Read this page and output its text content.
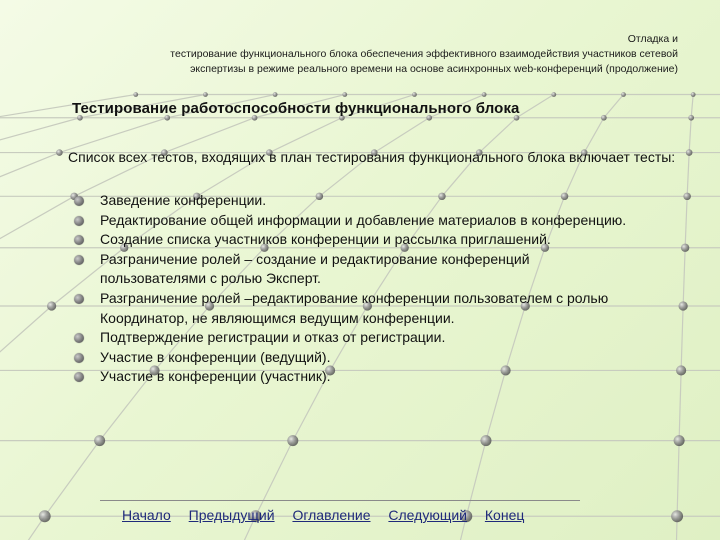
Отладка и
тестирование функционального блока обеспечения эффективного взаимодействия участников сетевой
экспертизы в режиме реального времени на основе асинхронных web-конференций (продолжение)
Тестирование работоспособности функционального блока
Список всех тестов, входящих в план тестирования функционального блока включает тесты:
Заведение конференции.
Редактирование общей информации и добавление материалов в конференцию.
Создание списка участников конференции и рассылка приглашений.
Разграничение ролей – создание и редактирование конференций пользователями с ролью Эксперт.
Разграничение ролей –редактирование конференции пользователем с ролью Координатор, не являющимся ведущим конференции.
Подтверждение регистрации и отказ от регистрации.
Участие в конференции (ведущий).
Участие в конференции (участник).
Начало Предыдущий Оглавление Следующий Конец
